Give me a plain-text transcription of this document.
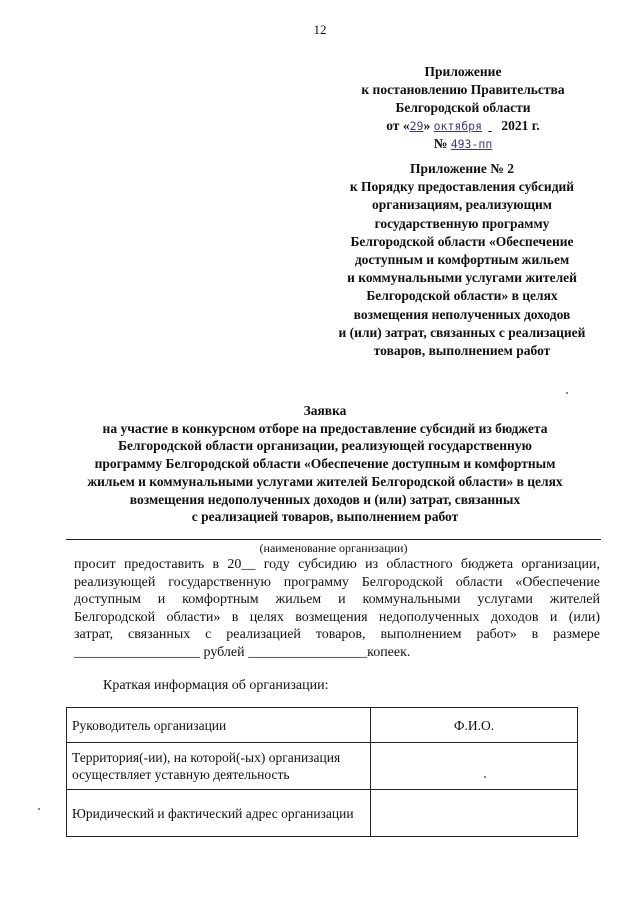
12
Приложение
к постановлению Правительства
Белгородской области
от «29» октября  2021 г.
№ 493-пп
Приложение № 2
к Порядку предоставления субсидий
организациям, реализующим
государственную программу
Белгородской области «Обеспечение
доступным и комфортным жильем
и коммунальными услугами жителей
Белгородской области» в целях
возмещения неполученных доходов
и (или) затрат, связанных с реализацией
товаров, выполнением работ
Заявка
на участие в конкурсном отборе на предоставление субсидий из бюджета
Белгородской области организации, реализующей государственную
программу Белгородской области «Обеспечение доступным и комфортным
жильем и коммунальными услугами жителей Белгородской области» в целях
возмещения недополученных доходов и (или) затрат, связанных
с реализацией товаров, выполнением работ
(наименование организации)
просит предоставить в 20__ году субсидию из областного бюджета организации,
реализующей государственную программу Белгородской области «Обеспечение
доступным и комфортным жильем и коммунальными услугами жителей
Белгородской области» в целях возмещения недополученных доходов и (или)
затрат, связанных с реализацией товаров, выполнением работ» в размере
__________________ рублей _________________копеек.
Краткая информация об организации:
Руководитель организации	Ф.И.О.
Территория(-ии), на которой(-ых) организация осуществляет уставную деятельность	
Юридический и фактический адрес организации	
